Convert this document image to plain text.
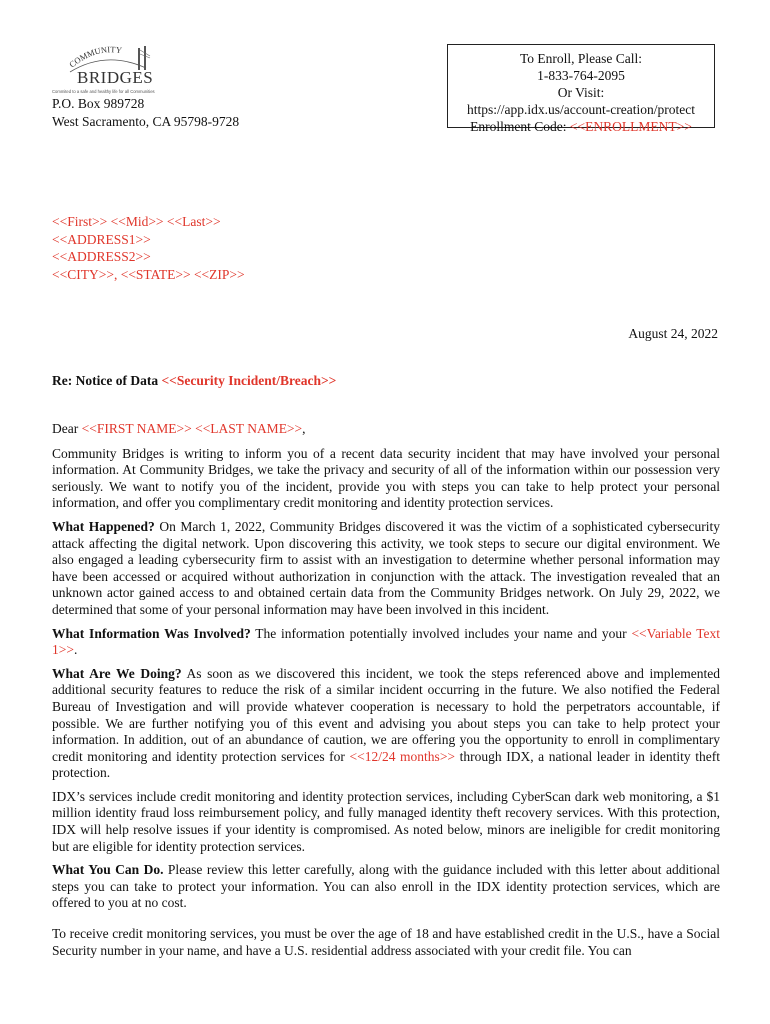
COMMUNITY
BRIDGES
Commited to a safe and healthy life for all Communities
P.O. Box 989728
West Sacramento, CA 95798-9728
To Enroll, Please Call:
1-833-764-2095
Or Visit:
https://app.idx.us/account-creation/protect
Enrollment Code: <<ENROLLMENT>>
<<First>> <<Mid>> <<Last>>
<<ADDRESS1>>
<<ADDRESS2>>
<<CITY>>, <<STATE>> <<ZIP>>
August 24, 2022
Re: Notice of Data <<Security Incident/Breach>>

Dear <<FIRST NAME>> <<LAST NAME>>,

Community Bridges is writing to inform you of a recent data security incident that may have involved your personal information. At Community Bridges, we take the privacy and security of all of the information within our possession very seriously. We want to notify you of the incident, provide you with steps you can take to help protect your personal information, and offer you complimentary credit monitoring and identity protection services.

What Happened? On March 1, 2022, Community Bridges discovered it was the victim of a sophisticated cybersecurity attack affecting the digital network. Upon discovering this activity, we took steps to secure our digital environment. We also engaged a leading cybersecurity firm to assist with an investigation to determine whether personal information may have been accessed or acquired without authorization in conjunction with the attack. The investigation revealed that an unknown actor gained access to and obtained certain data from the Community Bridges network. On July 29, 2022, we determined that some of your personal information may have been involved in this incident.

What Information Was Involved? The information potentially involved includes your name and your <<Variable Text 1>>.

What Are We Doing? As soon as we discovered this incident, we took the steps referenced above and implemented additional security features to reduce the risk of a similar incident occurring in the future. We also notified the Federal Bureau of Investigation and will provide whatever cooperation is necessary to hold the perpetrators accountable, if possible. We are further notifying you of this event and advising you about steps you can take to help protect your information. In addition, out of an abundance of caution, we are offering you the opportunity to enroll in complimentary credit monitoring and identity protection services for <<12/24 months>> through IDX, a national leader in identity theft protection.

IDX’s services include credit monitoring and identity protection services, including CyberScan dark web monitoring, a $1 million identity fraud loss reimbursement policy, and fully managed identity theft recovery services. With this protection, IDX will help resolve issues if your identity is compromised. As noted below, minors are ineligible for credit monitoring but are eligible for identity protection services.

What You Can Do. Please review this letter carefully, along with the guidance included with this letter about additional steps you can take to protect your information. You can also enroll in the IDX identity protection services, which are offered to you at no cost.

To receive credit monitoring services, you must be over the age of 18 and have established credit in the U.S., have a Social Security number in your name, and have a U.S. residential address associated with your credit file. You can
